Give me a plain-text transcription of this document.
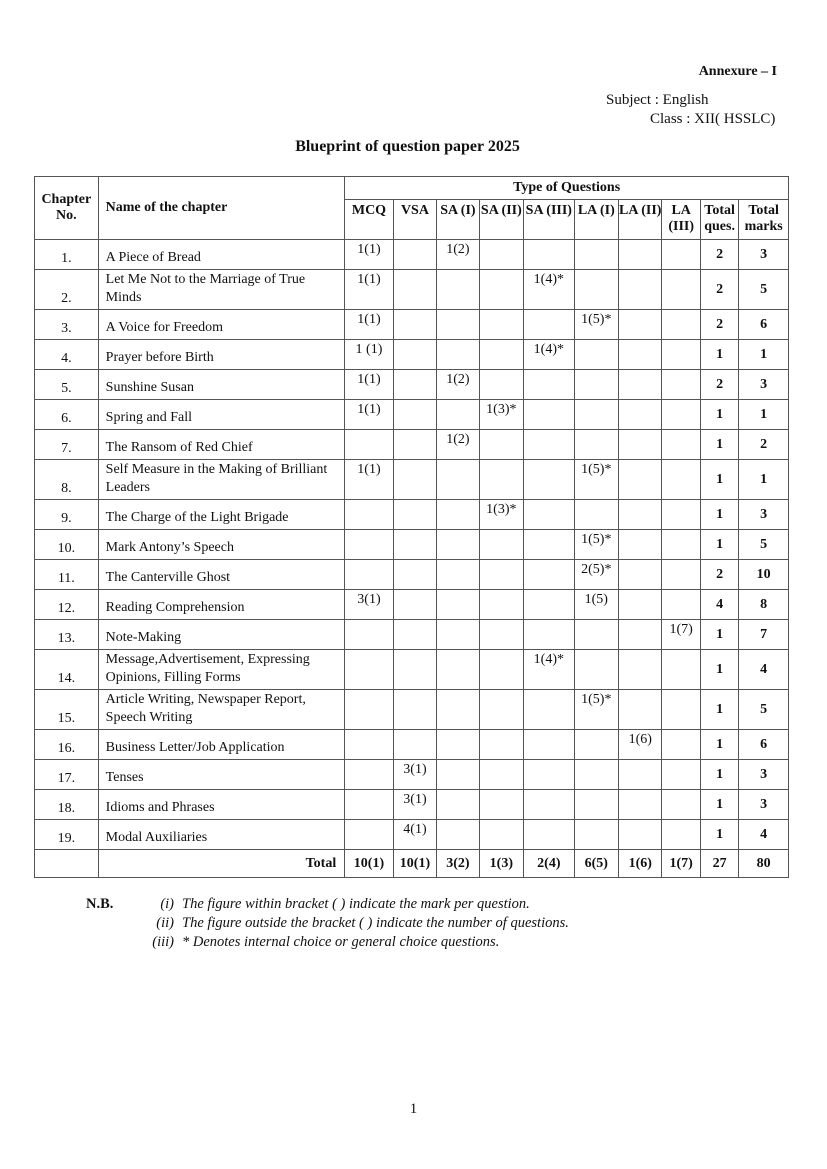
Annexure – I
Subject : English
Class : XII( HSSLC)
Blueprint of question paper 2025
Chapter No.	Name of the chapter	Type of Questions									
		MCQ	VSA	SA (I)	SA (II)	SA (III)	LA (I)	LA (II)	LA (III)	Total ques.	Total marks
1.	A Piece of Bread	1(1)		1(2)						2	3
2.	Let Me Not to the Marriage of True Minds	1(1)				1(4)*				2	5
3.	A Voice for Freedom	1(1)					1(5)*			2	6
4.	Prayer before Birth	1 (1)				1(4)*				1	1
5.	Sunshine Susan	1(1)		1(2)						2	3
6.	Spring and Fall	1(1)			1(3)*					1	1
7.	The Ransom of Red Chief			1(2)						1	2
8.	Self Measure in the Making of Brilliant Leaders	1(1)					1(5)*			1	1
9.	The Charge of the Light Brigade				1(3)*					1	3
10.	Mark Antony’s Speech						1(5)*			1	5
11.	The Canterville Ghost						2(5)*			2	10
12.	Reading Comprehension	3(1)					1(5)			4	8
13.	Note-Making								1(7)	1	7
14.	Message,Advertisement, Expressing Opinions, Filling Forms					1(4)*				1	4
15.	Article Writing, Newspaper Report, Speech Writing						1(5)*			1	5
16.	Business Letter/Job Application							1(6)		1	6
17.	Tenses		3(1)							1	3
18.	Idioms and Phrases		3(1)							1	3
19.	Modal Auxiliaries		4(1)							1	4
	Total	10(1)	10(1)	3(2)	1(3)	2(4)	6(5)	1(6)	1(7)	27	80
N.B.	(i) The figure within bracket ( ) indicate the mark per question.
(ii) The figure outside the bracket ( ) indicate the number of questions.
(iii) * Denotes internal choice or general choice questions.
1
